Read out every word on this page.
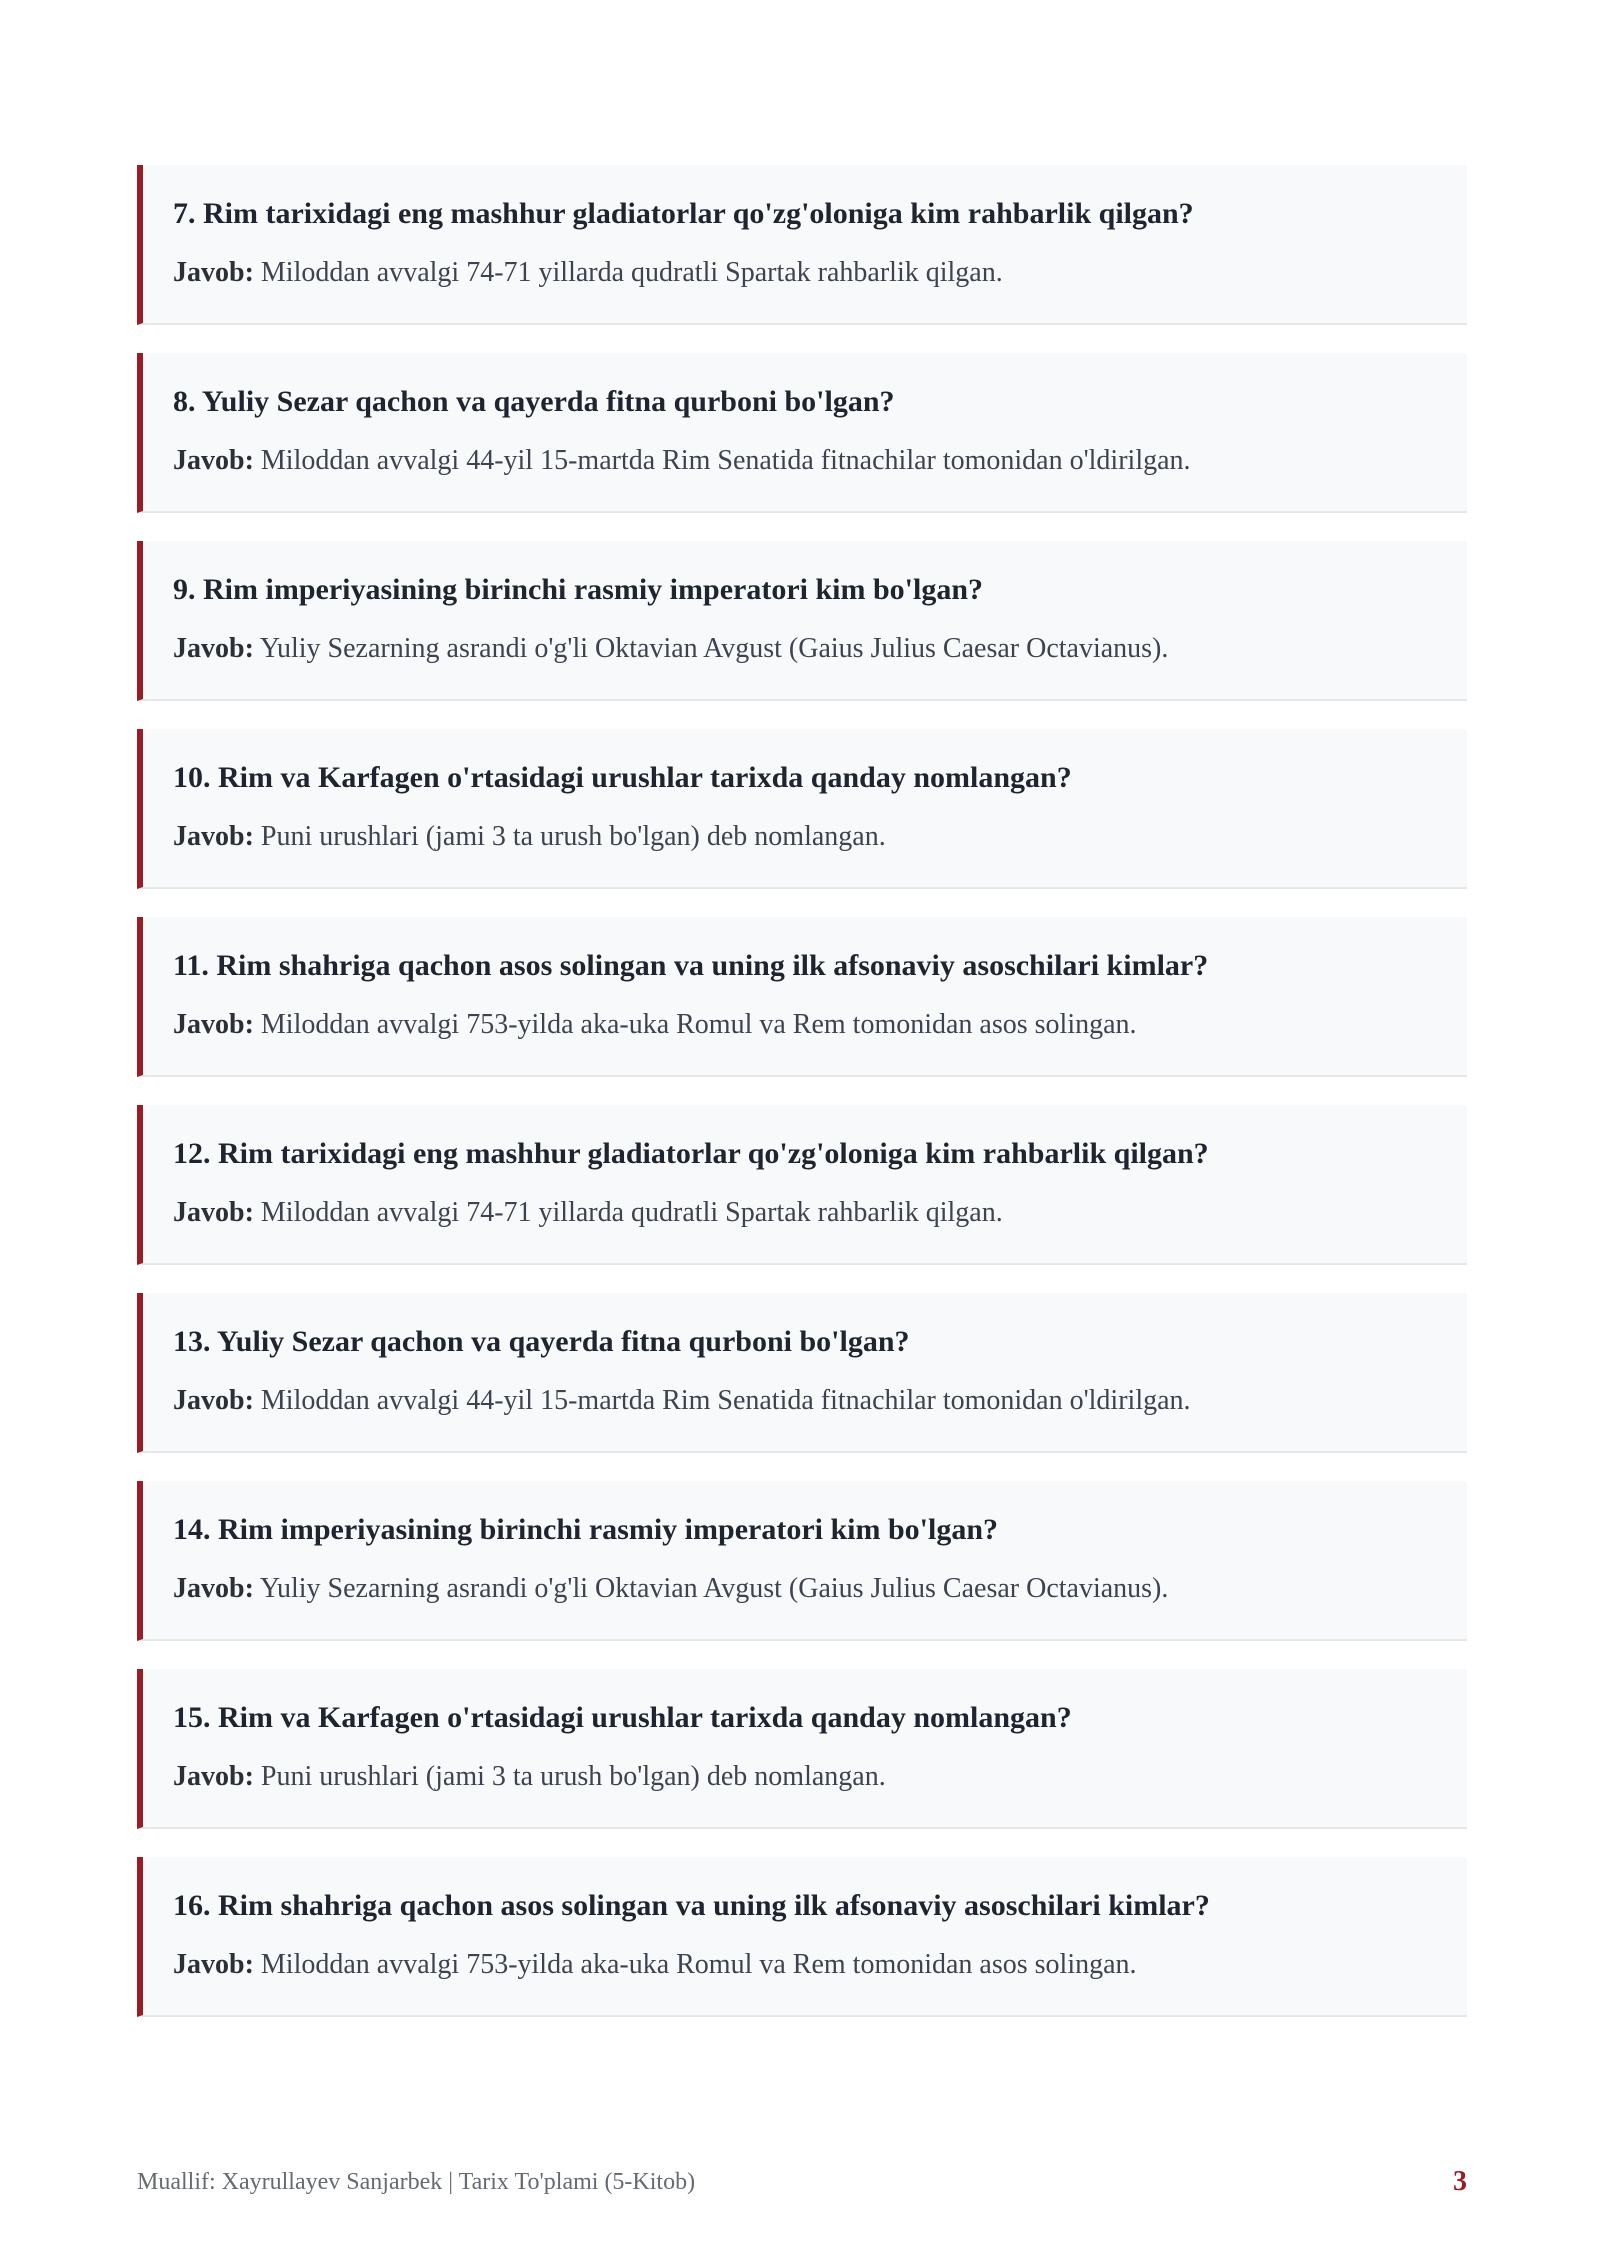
7. Rim tarixidagi eng mashhur gladiatorlar qo'zg'oloniga kim rahbarlik qilgan?

Javob: Miloddan avvalgi 74-71 yillarda qudratli Spartak rahbarlik qilgan.

8. Yuliy Sezar qachon va qayerda fitna qurboni bo'lgan?

Javob: Miloddan avvalgi 44-yil 15-martda Rim Senatida fitnachilar tomonidan o'ldirilgan.

9. Rim imperiyasining birinchi rasmiy imperatori kim bo'lgan?

Javob: Yuliy Sezarning asrandi o'g'li Oktavian Avgust (Gaius Julius Caesar Octavianus).

10. Rim va Karfagen o'rtasidagi urushlar tarixda qanday nomlangan?

Javob: Puni urushlari (jami 3 ta urush bo'lgan) deb nomlangan.

11. Rim shahriga qachon asos solingan va uning ilk afsonaviy asoschilari kimlar?

Javob: Miloddan avvalgi 753-yilda aka-uka Romul va Rem tomonidan asos solingan.

12. Rim tarixidagi eng mashhur gladiatorlar qo'zg'oloniga kim rahbarlik qilgan?

Javob: Miloddan avvalgi 74-71 yillarda qudratli Spartak rahbarlik qilgan.

13. Yuliy Sezar qachon va qayerda fitna qurboni bo'lgan?

Javob: Miloddan avvalgi 44-yil 15-martda Rim Senatida fitnachilar tomonidan o'ldirilgan.

14. Rim imperiyasining birinchi rasmiy imperatori kim bo'lgan?

Javob: Yuliy Sezarning asrandi o'g'li Oktavian Avgust (Gaius Julius Caesar Octavianus).

15. Rim va Karfagen o'rtasidagi urushlar tarixda qanday nomlangan?

Javob: Puni urushlari (jami 3 ta urush bo'lgan) deb nomlangan.

16. Rim shahriga qachon asos solingan va uning ilk afsonaviy asoschilari kimlar?

Javob: Miloddan avvalgi 753-yilda aka-uka Romul va Rem tomonidan asos solingan.

Muallif: Xayrullayev Sanjarbek | Tarix To'plami (5-Kitob)	3
